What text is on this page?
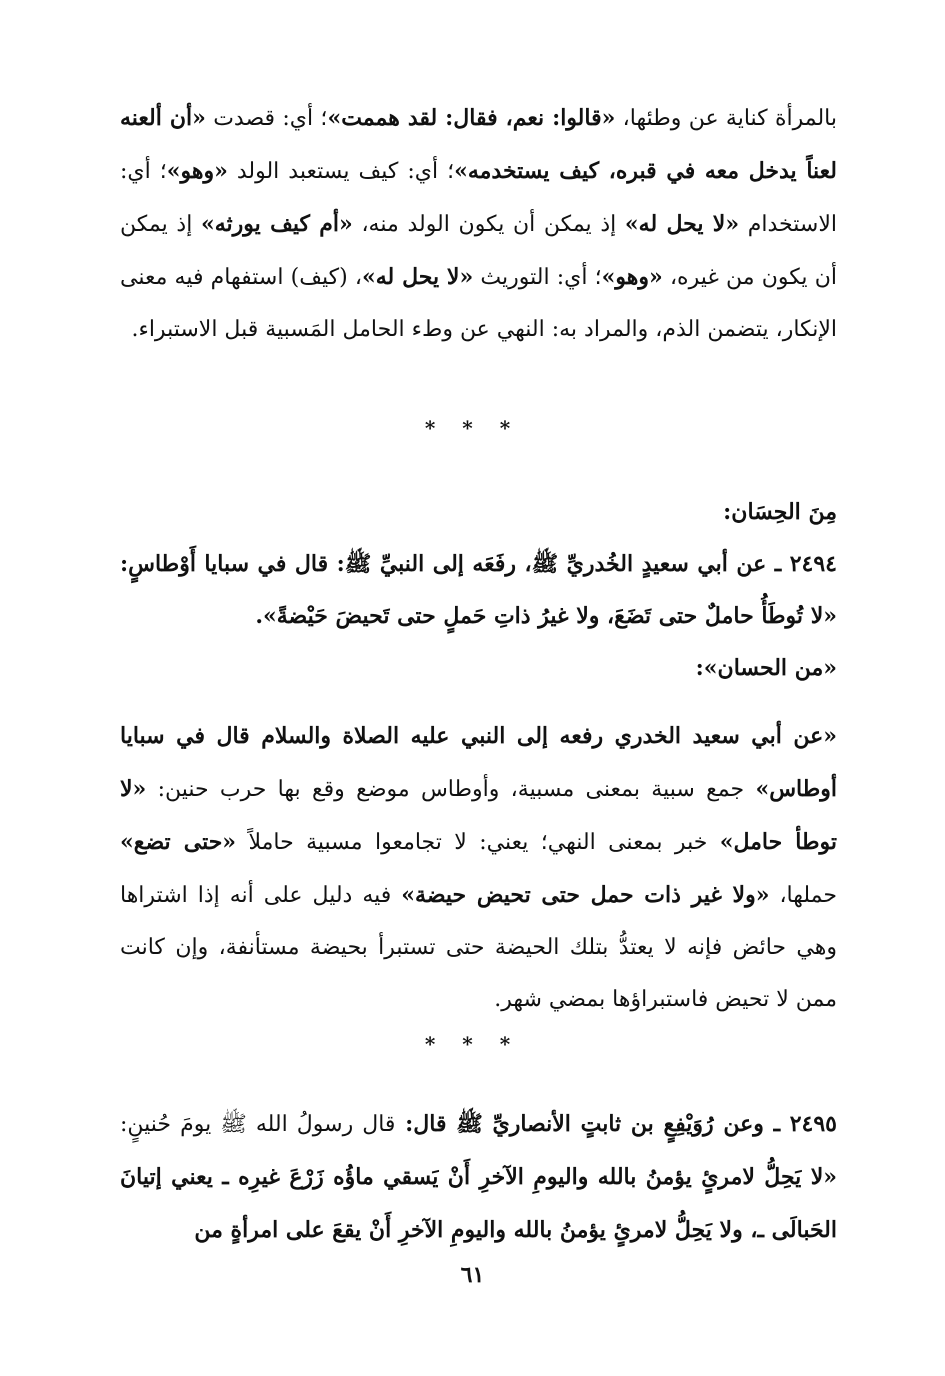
بالمرأة كناية عن وطئها، «قالوا: نعم، فقال: لقد هممت»؛ أي: قصدت «أن ألعنه لعناً يدخل معه في قبره، كيف يستخدمه»؛ أي: كيف يستعبد الولد «وهو»؛ أي: الاستخدام «لا يحل له» إذ يمكن أن يكون الولد منه، «أم كيف يورثه» إذ يمكن أن يكون من غيره، «وهو»؛ أي: التوريث «لا يحل له»، (كيف) استفهام فيه معنى الإنكار، يتضمن الذم، والمراد به: النهي عن وطء الحامل المَسبية قبل الاستبراء.
* * *
مِنَ الحِسَان:
٢٤٩٤ ـ عن أبي سعيدٍ الخُدريِّ ﷺ، رفَعَه إلى النبيِّ ﷺ: قال في سبايا أَوْطاسٍ: «لا تُوطَأُ حاملٌ حتى تَضَعَ، ولا غيرُ ذاتِ حَملٍ حتى تَحيضَ حَيْضةً».
«من الحسان»:
«عن أبي سعيد الخدري رفعه إلى النبي عليه الصلاة والسلام قال في سبايا أوطاس» جمع سبية بمعنى مسبية، وأوطاس موضع وقع بها حرب حنين: «لا توطأ حامل» خبر بمعنى النهي؛ يعني: لا تجامعوا مسبية حاملاً «حتى تضع» حملها، «ولا غير ذات حمل حتى تحيض حيضة» فيه دليل على أنه إذا اشتراها وهي حائض فإنه لا يعتدُّ بتلك الحيضة حتى تستبرأ بحيضة مستأنفة، وإن كانت ممن لا تحيض فاستبراؤها بمضي شهر.
* * *
٢٤٩٥ ـ وعن رُوَيْفِعٍ بن ثابتٍ الأنصاريِّ ﷺ قال: قال رسولُ الله ﷺ يومَ حُنينٍ: «لا يَحِلُّ لامرئٍ يؤمنُ بالله واليومِ الآخرِ أَنْ يَسقي ماؤُه زَرْعَ غيرِه ـ يعني إتيانَ الحَبالَى ـ، ولا يَحِلُّ لامرئٍ يؤمنُ بالله واليومِ الآخرِ أَنْ يقعَ على امرأةٍ من
٦١
